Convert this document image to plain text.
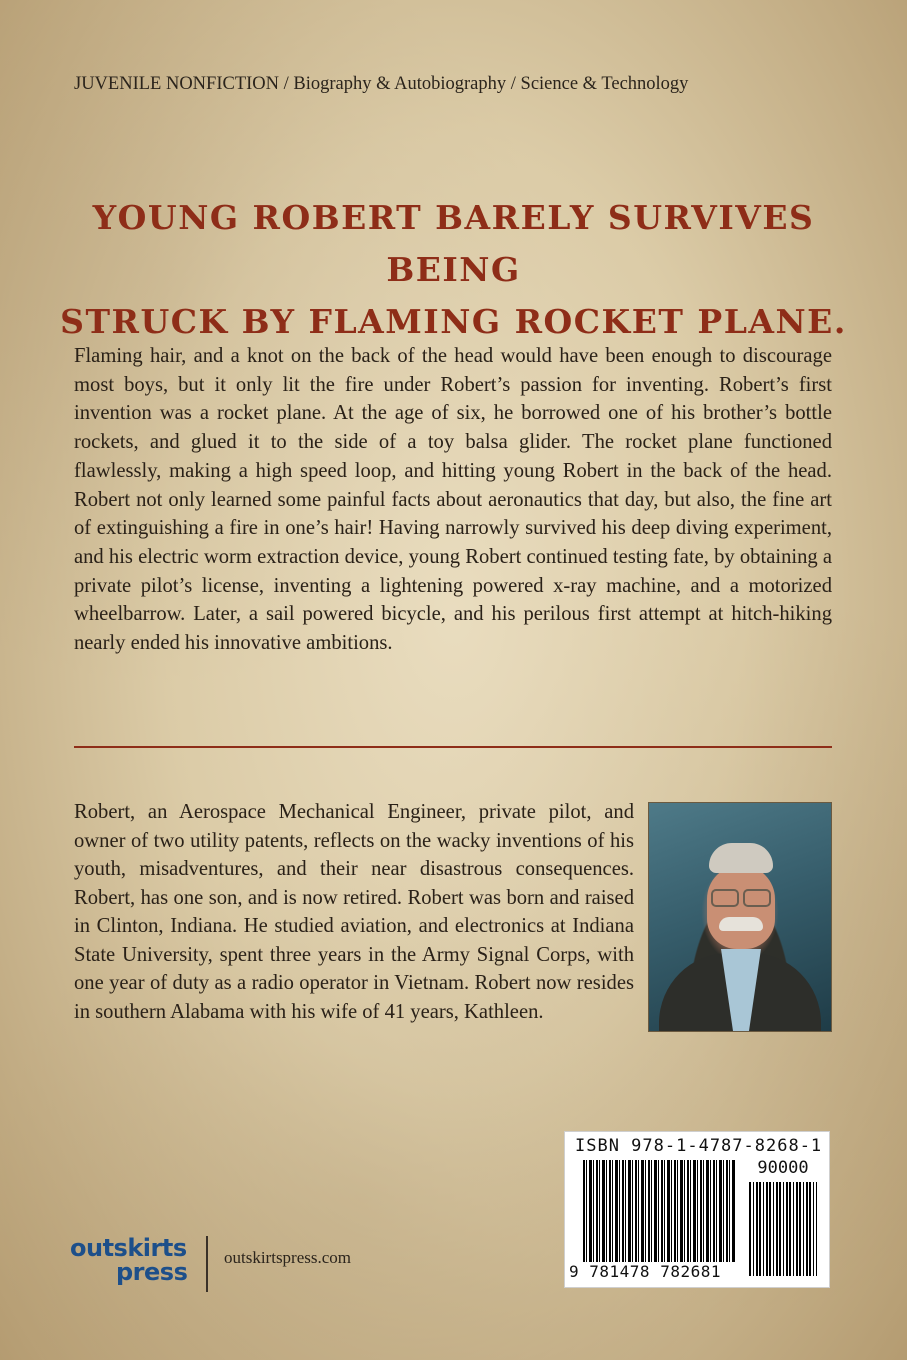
JUVENILE NONFICTION / Biography & Autobiography / Science & Technology
YOUNG ROBERT BARELY SURVIVES BEING
STRUCK BY FLAMING ROCKET PLANE.
Flaming hair, and a knot on the back of the head would have been enough to discourage most boys, but it only lit the fire under Robert’s passion for inventing. Robert’s first invention was a rocket plane. At the age of six, he borrowed one of his brother’s bottle rockets, and glued it to the side of a toy balsa glider. The rocket plane functioned flawlessly, making a high speed loop, and hitting young Robert in the back of the head. Robert not only learned some painful facts about aeronautics that day, but also, the fine art of extinguishing a fire in one’s hair! Having narrowly survived his deep diving experiment, and his electric worm extraction device, young Robert continued testing fate, by obtaining a private pilot’s license, inventing a lightening powered x-ray machine, and a motorized wheelbarrow. Later, a sail powered bicycle, and his perilous first attempt at hitch-hiking nearly ended his innovative ambitions.
Robert, an Aerospace Mechanical Engineer, private pilot, and owner of two utility patents, reflects on the wacky inventions of his youth, misadventures, and their near disastrous consequences. Robert, has one son, and is now retired. Robert was born and raised in Clinton, Indiana. He studied aviation, and electronics at Indiana State University, spent three years in the Army Signal Corps, with one year of duty as a radio operator in Vietnam. Robert now resides in southern Alabama with his wife of 41 years, Kathleen.
ISBN 978-1-4787-8268-1
90000
9 781478 782681
outskirts
press
outskirtspress.com
